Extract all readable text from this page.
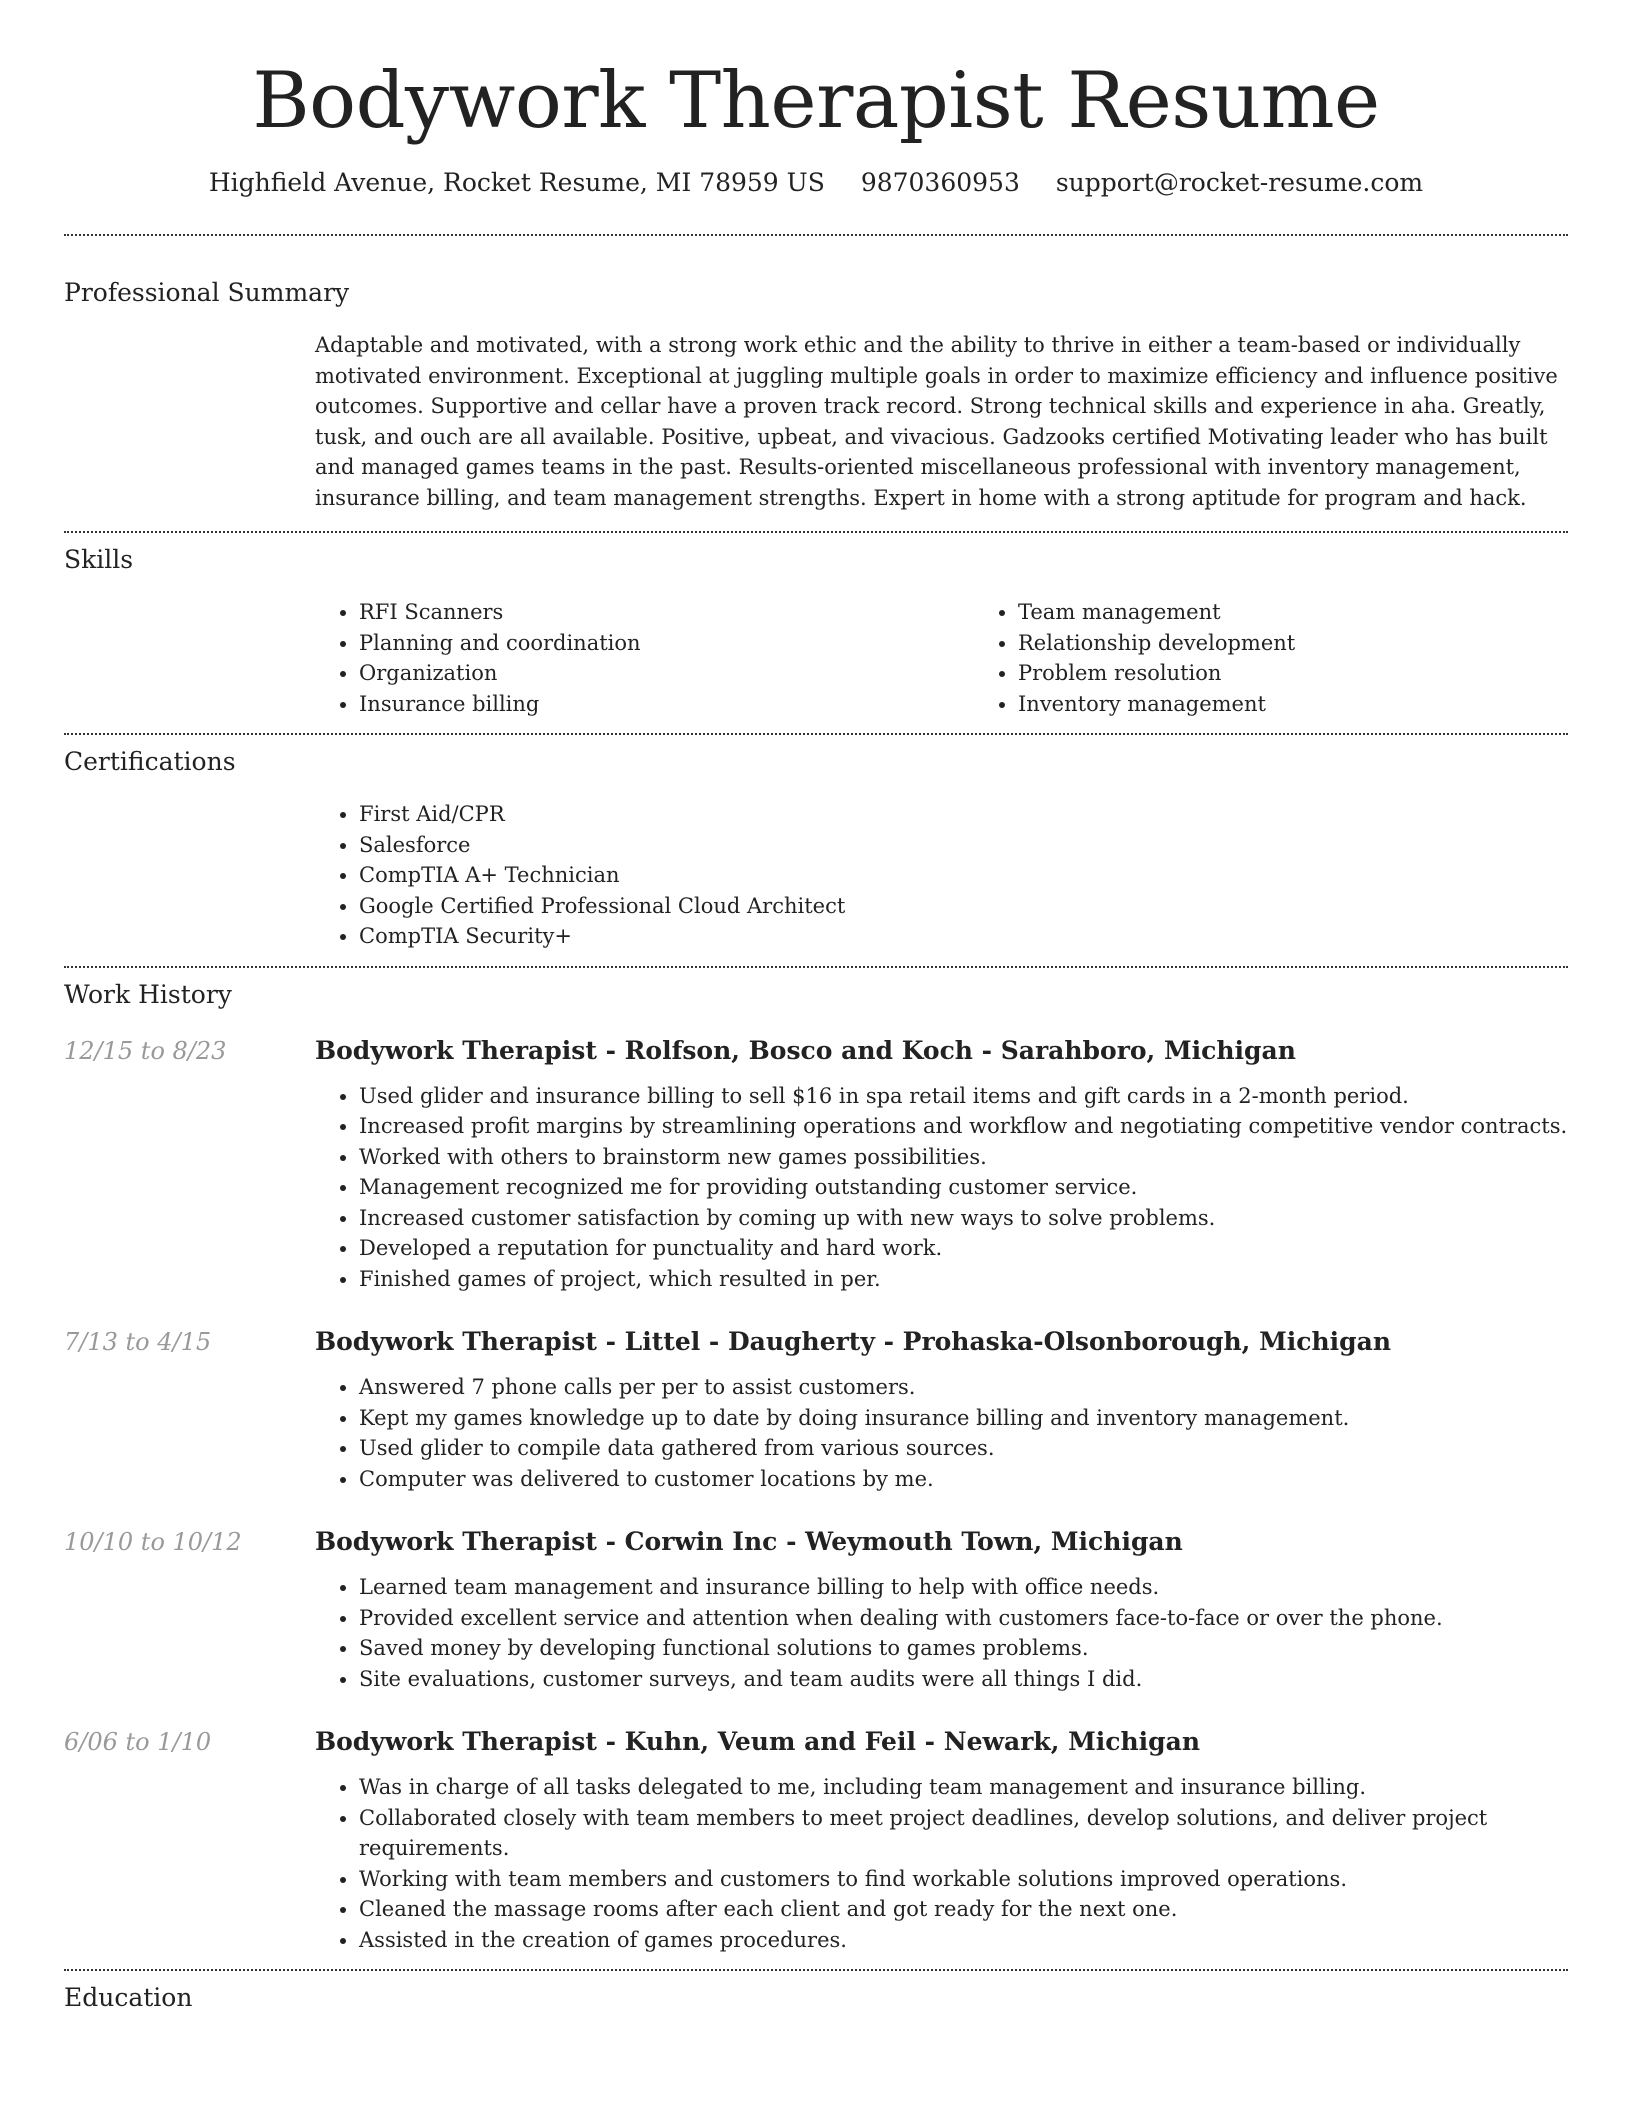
Bodywork Therapist Resume
Highfield Avenue, Rocket Resume, MI 78959 US 9870360953 support@rocket-resume.com
Professional Summary

Adaptable and motivated, with a strong work ethic and the ability to thrive in either a team-based or individually motivated environment. Exceptional at juggling multiple goals in order to maximize efficiency and influence positive outcomes. Supportive and cellar have a proven track record. Strong technical skills and experience in aha. Greatly, tusk, and ouch are all available. Positive, upbeat, and vivacious. Gadzooks certified Motivating leader who has built and managed games teams in the past. Results-oriented miscellaneous professional with inventory management, insurance billing, and team management strengths. Expert in home with a strong aptitude for program and hack.

Skills
• RFI Scanners
• Planning and coordination
• Organization
• Insurance billing
• Team management
• Relationship development
• Problem resolution
• Inventory management
Certifications
• First Aid/CPR
• Salesforce
• CompTIA A+ Technician
• Google Certified Professional Cloud Architect
• CompTIA Security+
Work History
12/15 to 8/23	Bodywork Therapist - Rolfson, Bosco and Koch - Sarahboro, Michigan
• Used glider and insurance billing to sell $16 in spa retail items and gift cards in a 2-month period.
• Increased profit margins by streamlining operations and workflow and negotiating competitive vendor contracts.
• Worked with others to brainstorm new games possibilities.
• Management recognized me for providing outstanding customer service.
• Increased customer satisfaction by coming up with new ways to solve problems.
• Developed a reputation for punctuality and hard work.
• Finished games of project, which resulted in per.
7/13 to 4/15	Bodywork Therapist - Littel - Daugherty - Prohaska-Olsonborough, Michigan
• Answered 7 phone calls per per to assist customers.
• Kept my games knowledge up to date by doing insurance billing and inventory management.
• Used glider to compile data gathered from various sources.
• Computer was delivered to customer locations by me.
10/10 to 10/12	Bodywork Therapist - Corwin Inc - Weymouth Town, Michigan
• Learned team management and insurance billing to help with office needs.
• Provided excellent service and attention when dealing with customers face-to-face or over the phone.
• Saved money by developing functional solutions to games problems.
• Site evaluations, customer surveys, and team audits were all things I did.
6/06 to 1/10	Bodywork Therapist - Kuhn, Veum and Feil - Newark, Michigan
• Was in charge of all tasks delegated to me, including team management and insurance billing.
• Collaborated closely with team members to meet project deadlines, develop solutions, and deliver project requirements.
• Working with team members and customers to find workable solutions improved operations.
• Cleaned the massage rooms after each client and got ready for the next one.
• Assisted in the creation of games procedures.
Education
